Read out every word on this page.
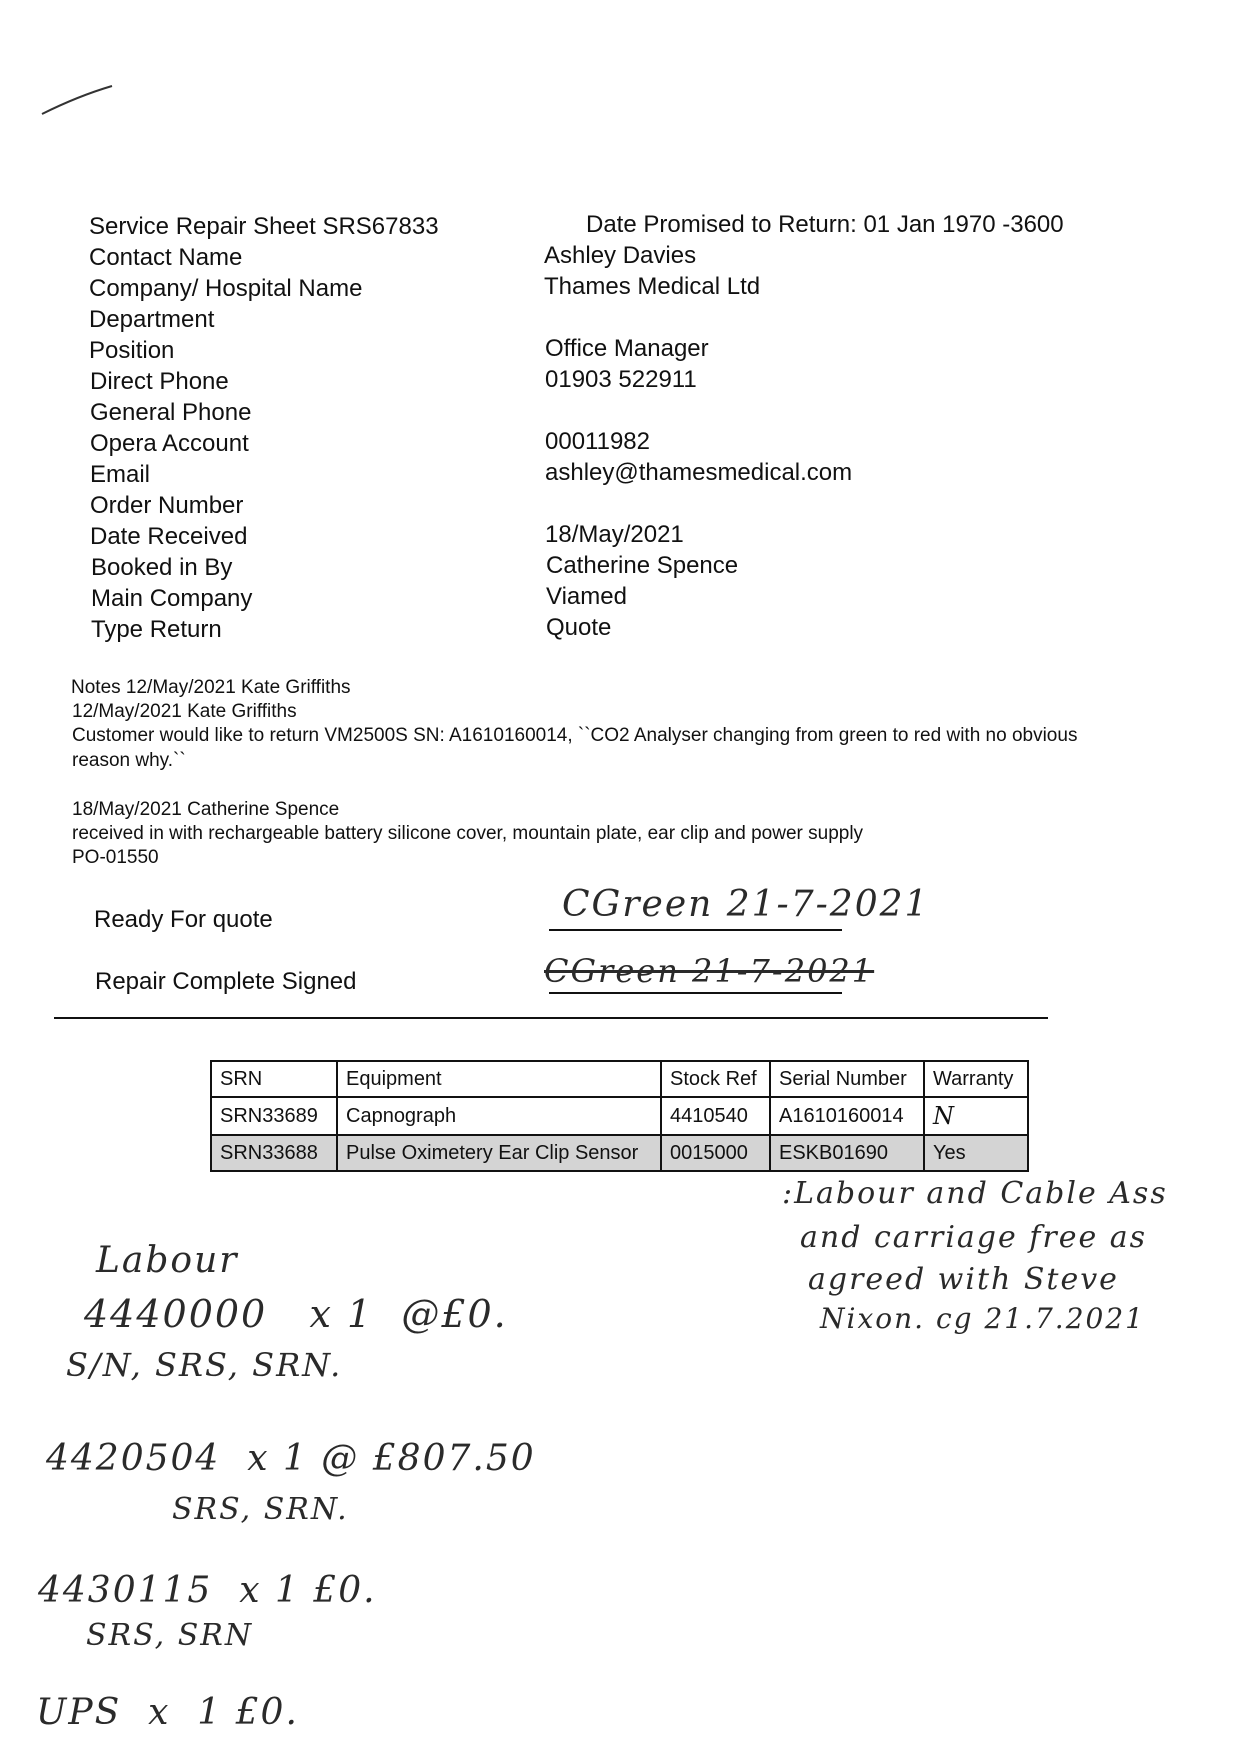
Service Repair Sheet SRS67833	Date Promised to Return: 01 Jan 1970 -3600
Contact Name	Ashley Davies
Company/ Hospital Name	Thames Medical Ltd
Department
Position	Office Manager
Direct Phone	01903 522911
General Phone
Opera Account	00011982
Email	ashley@thamesmedical.com
Order Number
Date Received	18/May/2021
Booked in By	Catherine Spence
Main Company	Viamed
Type Return	Quote
Notes 12/May/2021 Kate Griffiths
12/May/2021 Kate Griffiths
Customer would like to return VM2500S SN: A1610160014, ``CO2 Analyser changing from green to red with no obvious
reason why.``
18/May/2021 Catherine Spence
received in with rechargeable battery silicone cover, mountain plate, ear clip and power supply
PO-01550
Ready For quote	CGreen 21-7-2021
Repair Complete Signed	CGreen 21-7-2021
SRN	Equipment	Stock Ref	Serial Number	Warranty
SRN33689	Capnograph	4410540	A1610160014	N
SRN33688	Pulse Oximetery Ear Clip Sensor	0015000	ESKB01690	Yes
:Labour and Cable Ass
and carriage free as
agreed with Steve
Nixon. cg 21.7.2021
Labour
4440000   x 1  @£0.
S/N, SRS, SRN.
4420504  x 1 @ £807.50
SRS, SRN.
4430115  x 1 £0.
SRS, SRN
UPS  x  1 £0.
